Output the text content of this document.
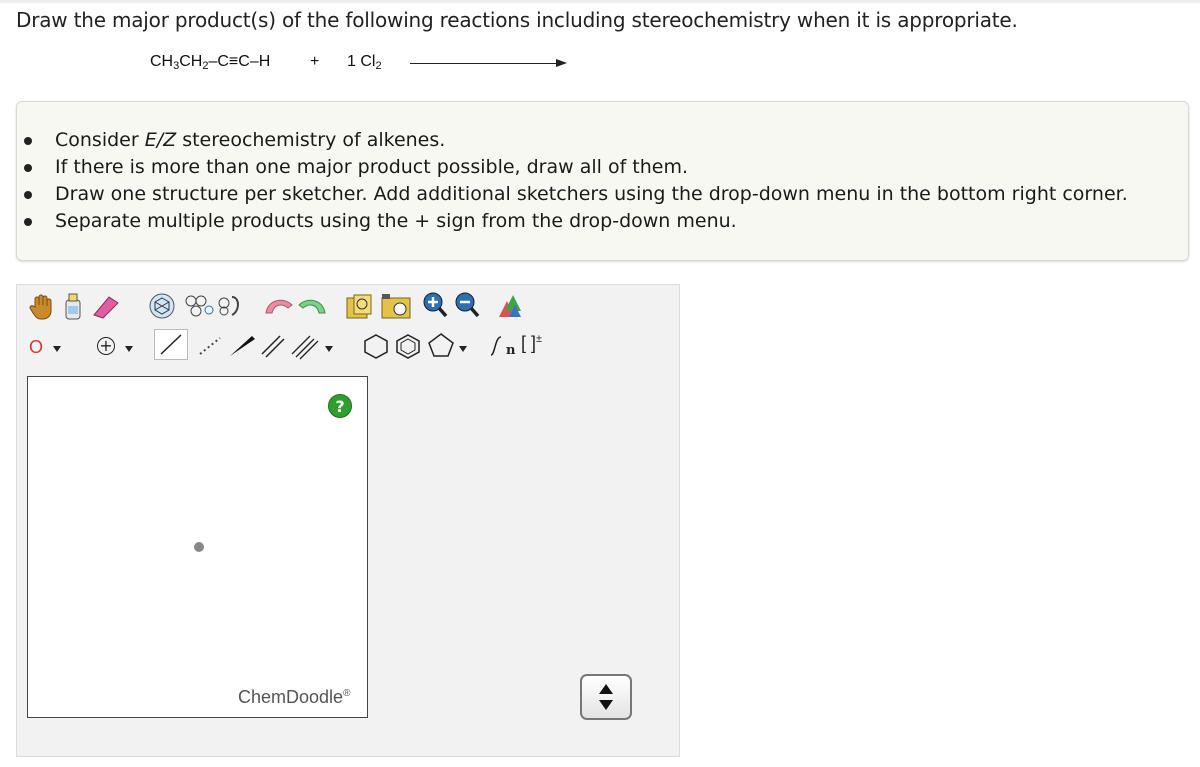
Draw the major product(s) of the following reactions including stereochemistry when it is appropriate.
$CH_3CH_2-C\equiv C-H + 1$ $Cl_2$
Consider E/Z stereochemistry of alkenes.
If there is more than one major product possible, draw all of them.
Draw one structure per sketcher. Add additional sketchers using the drop-down menu in the bottom right corner.
Separate multiple products using the + sign from the drop-down menu.
O	+	n [ ]±
?
ChemDoodle®
